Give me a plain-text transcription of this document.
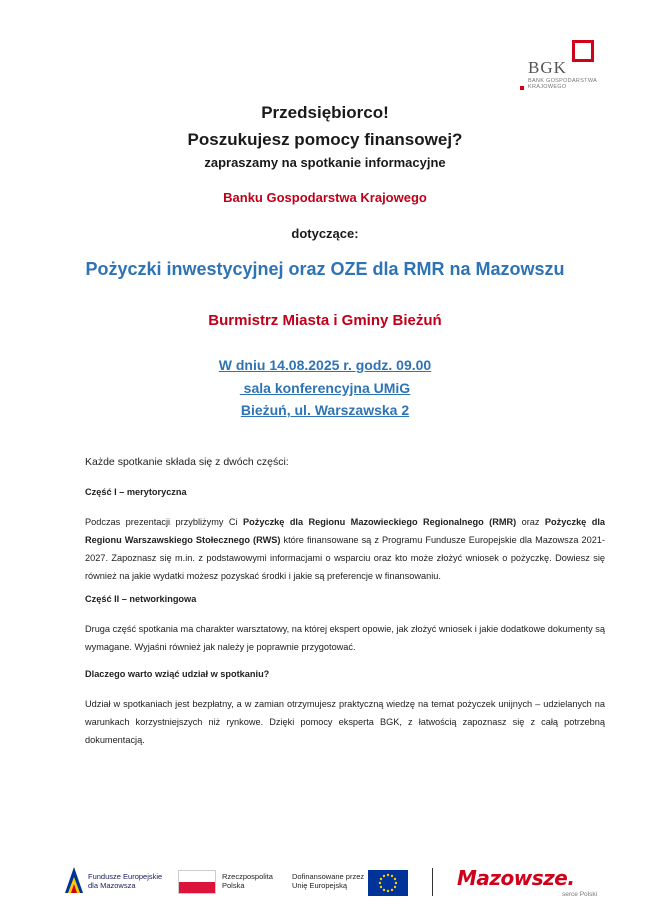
BGK
BANK GOSPODARSTWA
KRAJOWEGO
Przedsiębiorco!
Poszukujesz pomocy finansowej?
zapraszamy na spotkanie informacyjne
Banku Gospodarstwa Krajowego
dotyczące:
Pożyczki inwestycyjnej oraz OZE dla RMR na Mazowszu
Burmistrz Miasta i Gminy Bieżuń
W dniu 14.08.2025 r. godz. 09.00
sala konferencyjna UMiG
Bieżuń, ul. Warszawska 2
Każde spotkanie składa się z dwóch części:
Część I – merytoryczna
Podczas prezentacji przybliżymy Ci Pożyczkę dla Regionu Mazowieckiego Regionalnego (RMR) oraz Pożyczkę dla Regionu Warszawskiego Stołecznego (RWS) które finansowane są z Programu Fundusze Europejskie dla Mazowsza 2021-2027. Zapoznasz się m.in. z podstawowymi informacjami o wsparciu oraz kto może złożyć wniosek o pożyczkę. Dowiesz się również na jakie wydatki możesz pozyskać środki i jakie są preferencje w finansowaniu.
Część II – networkingowa
Druga część spotkania ma charakter warsztatowy, na której ekspert opowie, jak złożyć wniosek i jakie dodatkowe dokumenty są wymagane. Wyjaśni również jak należy je poprawnie przygotować.
Dlaczego warto wziąć udział w spotkaniu?
Udział w spotkaniach jest bezpłatny, a w zamian otrzymujesz praktyczną wiedzę na temat pożyczek unijnych – udzielanych na warunkach korzystniejszych niż rynkowe. Dzięki pomocy eksperta BGK, z łatwością zapoznasz się z całą potrzebną dokumentacją.
Fundusze Europejskie
dla Mazowsza
Rzeczpospolita
Polska
Dofinansowane przez
Unię Europejską	Mazowsze.
serce Polski
